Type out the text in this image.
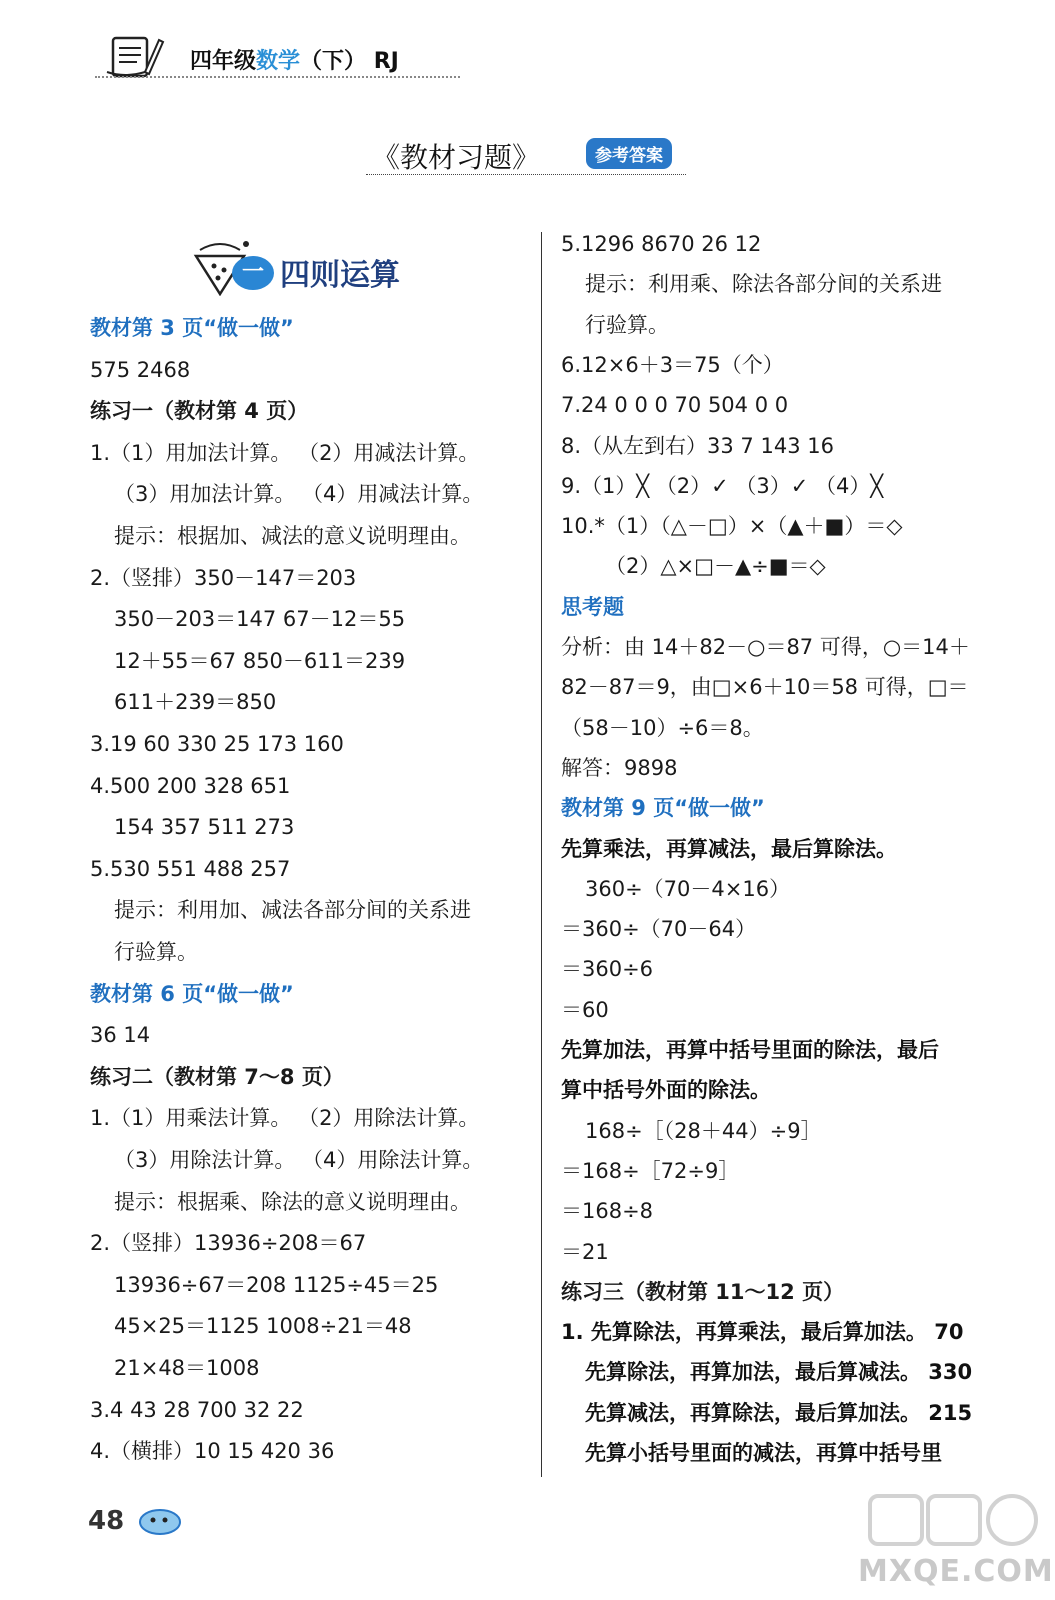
四年级数学（下） RJ
《教材习题》	参考答案
一 四则运算
教材第 3 页“做一做”
575 2468
练习一（教材第 4 页）
1.（1）用加法计算。 （2）用减法计算。
（3）用加法计算。 （4）用减法计算。
提示：根据加、减法的意义说明理由。
2.（竖排）350－147＝203
350－203＝147 67－12＝55
12＋55＝67 850－611＝239
611＋239＝850
3.19 60 330 25 173 160
4.500 200 328 651
154 357 511 273
5.530 551 488 257
提示：利用加、减法各部分间的关系进
行验算。
教材第 6 页“做一做”
36 14
练习二（教材第 7～8 页）
1.（1）用乘法计算。 （2）用除法计算。
（3）用除法计算。 （4）用除法计算。
提示：根据乘、除法的意义说明理由。
2.（竖排）13936÷208＝67
13936÷67＝208 1125÷45＝25
45×25＝1125 1008÷21＝48
21×48＝1008
3.4 43 28 700 32 22
4.（横排）10 15 420 36
5.1296 8670 26 12
提示：利用乘、除法各部分间的关系进
行验算。
6.12×6＋3＝75（个）
7.24 0 0 0 70 504 0 0
8.（从左到右）33 7 143 16
9.（1）╳ （2）✓ （3）✓ （4）╳
10.*（1）（△－□）×（▲＋■）＝◇
（2）△×□－▲÷■＝◇
思考题
分析：由 14＋82－○＝87 可得，○＝14＋
82－87＝9，由□×6＋10＝58 可得，□＝
（58－10）÷6＝8。
解答：9898
教材第 9 页“做一做”
先算乘法，再算减法，最后算除法。
360÷（70－4×16）
＝360÷（70－64）
＝360÷6
＝60
先算加法，再算中括号里面的除法，最后
算中括号外面的除法。
168÷［（28＋44）÷9］
＝168÷［72÷9］
＝168÷8
＝21
练习三（教材第 11～12 页）
1. 先算除法，再算乘法，最后算加法。 70
先算除法，再算加法，最后算减法。 330
先算减法，再算除法，最后算加法。 215
先算小括号里面的减法，再算中括号里
48
MXQE.COM
